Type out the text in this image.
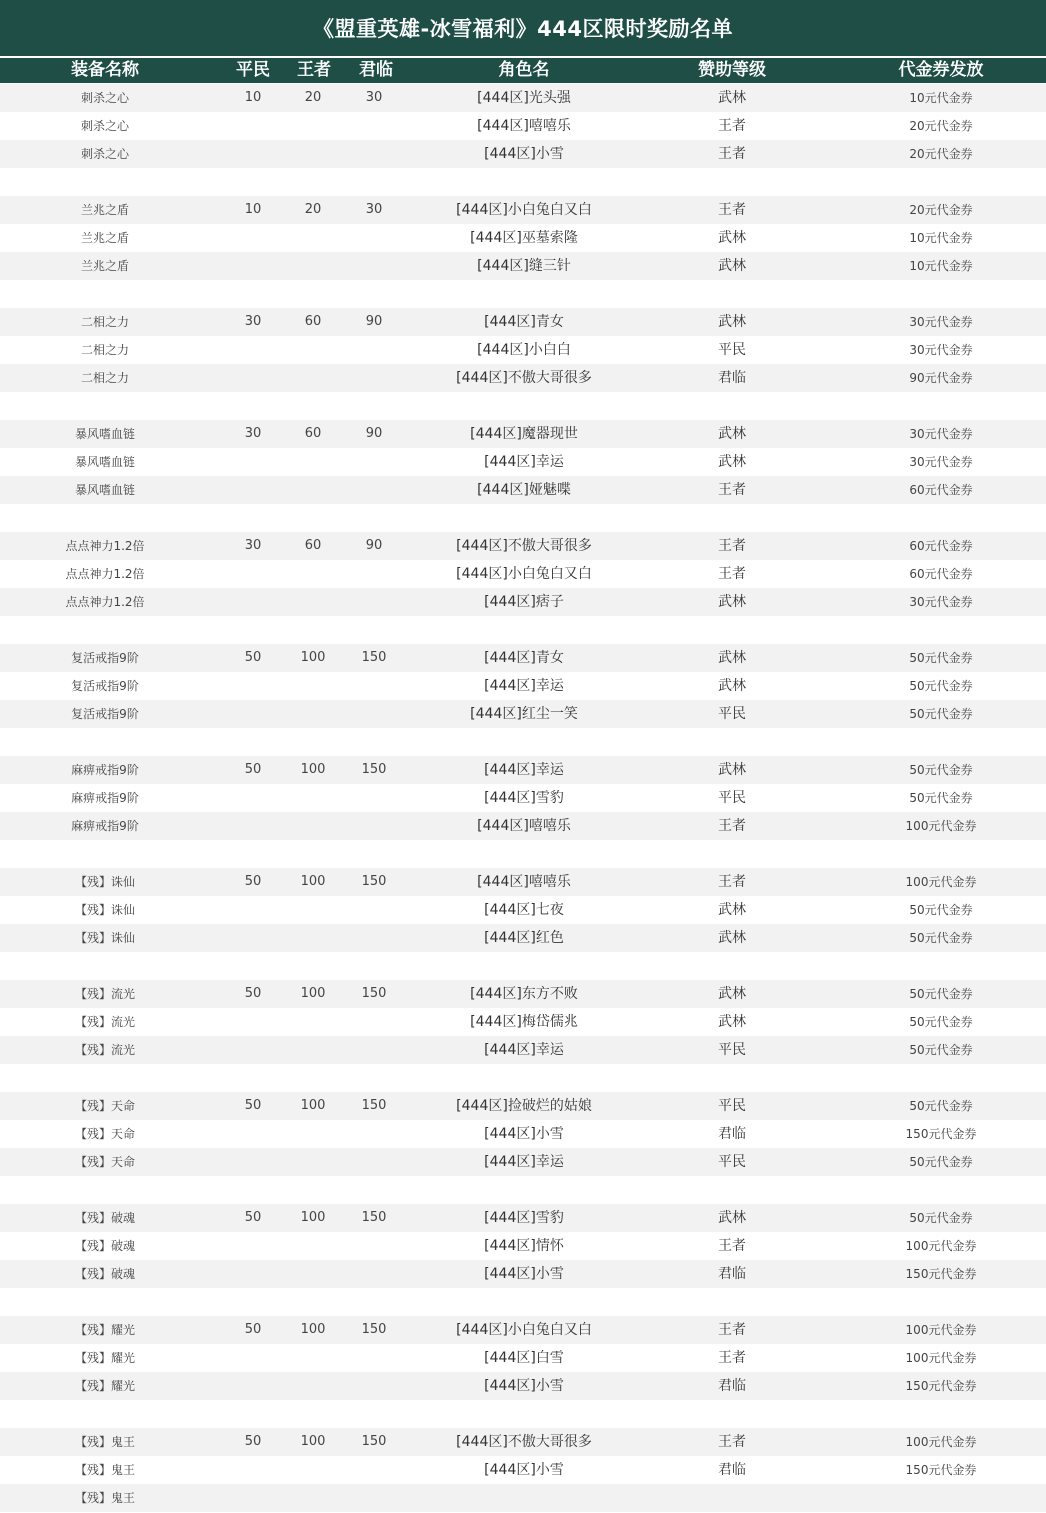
《盟重英雄-冰雪福利》444区限时奖励名单
装备名称	平民 王者 君临	角色名	赞助等级	代金券发放
刺杀之心	10	20	30	[444区]光头强	武林	10元代金券
刺杀之心	[444区]嘻嘻乐	王者	20元代金券
刺杀之心	[444区]小雪	王者	20元代金券
兰兆之盾	10	20	30	[444区]小白兔白又白	王者	20元代金券
兰兆之盾	[444区]巫墓索隆	武林	10元代金券
兰兆之盾	[444区]缝三针	武林	10元代金券
二相之力	30	60	90	[444区]青女	武林	30元代金券
二相之力	[444区]小白白	平民	30元代金券
二相之力	[444区]不傲大哥很多	君临	90元代金券
暴风嗜血链	30	60	90	[444区]魔器现世	武林	30元代金券
暴风嗜血链	[444区]幸运	武林	30元代金券
暴风嗜血链	[444区]娅魅喋	王者	60元代金券
点点神力1.2倍	30	60	90	[444区]不傲大哥很多	王者	60元代金券
点点神力1.2倍	[444区]小白兔白又白	王者	60元代金券
点点神力1.2倍	[444区]痞子	武林	30元代金券
复活戒指9阶	50	100	150	[444区]青女	武林	50元代金券
复活戒指9阶	[444区]幸运	武林	50元代金券
复活戒指9阶	[444区]红尘一笑	平民	50元代金券
麻痹戒指9阶	50	100	150	[444区]幸运	武林	50元代金券
麻痹戒指9阶	[444区]雪豹	平民	50元代金券
麻痹戒指9阶	[444区]嘻嘻乐	王者	100元代金券
【残】诛仙	50	100	150	[444区]嘻嘻乐	王者	100元代金券
【残】诛仙	[444区]七夜	武林	50元代金券
【残】诛仙	[444区]红色	武林	50元代金券
【残】流光	50	100	150	[444区]东方不败	武林	50元代金券
【残】流光	[444区]梅岱儒兆	武林	50元代金券
【残】流光	[444区]幸运	平民	50元代金券
【残】天命	50	100	150	[444区]捡破烂的姑娘	平民	50元代金券
【残】天命	[444区]小雪	君临	150元代金券
【残】天命	[444区]幸运	平民	50元代金券
【残】破魂	50	100	150	[444区]雪豹	武林	50元代金券
【残】破魂	[444区]情怀	王者	100元代金券
【残】破魂	[444区]小雪	君临	150元代金券
【残】耀光	50	100	150	[444区]小白兔白又白	王者	100元代金券
【残】耀光	[444区]白雪	王者	100元代金券
【残】耀光	[444区]小雪	君临	150元代金券
【残】鬼王	50	100	150	[444区]不傲大哥很多	王者	100元代金券
【残】鬼王	[444区]小雪	君临	150元代金券
【残】鬼王
